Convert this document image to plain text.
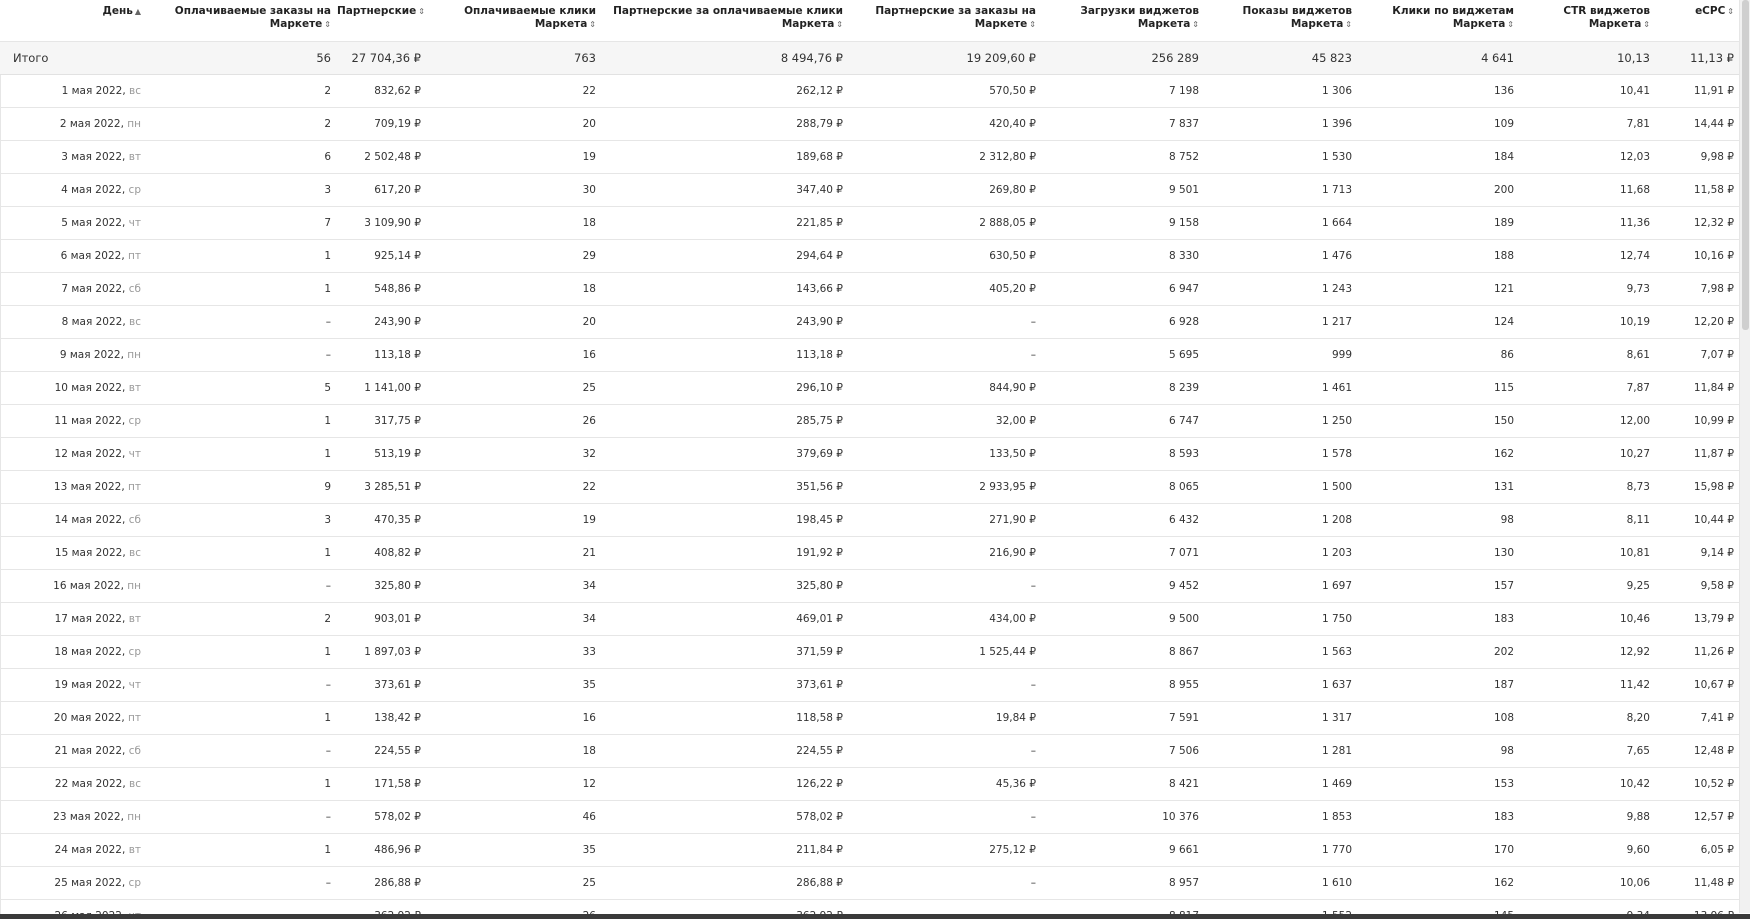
День ▲	Оплачиваемые заказы на Маркете ⇕	Партнерские ⇕	Оплачиваемые клики Маркета ⇕	Партнерские за оплачиваемые клики Маркета ⇕	Партнерские за заказы на Маркете ⇕	Загрузки виджетов Маркета ⇕	Показы виджетов Маркета ⇕	Клики по виджетам Маркета ⇕	CTR виджетов Маркета ⇕	eCPC ⇕
Итого	56	27 704,36 ₽	763	8 494,76 ₽	19 209,60 ₽	256 289	45 823	4 641	10,13	11,13 ₽
1 мая 2022, вс	2	832,62 ₽	22	262,12 ₽	570,50 ₽	7 198	1 306	136	10,41	11,91 ₽
2 мая 2022, пн	2	709,19 ₽	20	288,79 ₽	420,40 ₽	7 837	1 396	109	7,81	14,44 ₽
3 мая 2022, вт	6	2 502,48 ₽	19	189,68 ₽	2 312,80 ₽	8 752	1 530	184	12,03	9,98 ₽
4 мая 2022, ср	3	617,20 ₽	30	347,40 ₽	269,80 ₽	9 501	1 713	200	11,68	11,58 ₽
5 мая 2022, чт	7	3 109,90 ₽	18	221,85 ₽	2 888,05 ₽	9 158	1 664	189	11,36	12,32 ₽
6 мая 2022, пт	1	925,14 ₽	29	294,64 ₽	630,50 ₽	8 330	1 476	188	12,74	10,16 ₽
7 мая 2022, сб	1	548,86 ₽	18	143,66 ₽	405,20 ₽	6 947	1 243	121	9,73	7,98 ₽
8 мая 2022, вс	–	243,90 ₽	20	243,90 ₽	–	6 928	1 217	124	10,19	12,20 ₽
9 мая 2022, пн	–	113,18 ₽	16	113,18 ₽	–	5 695	999	86	8,61	7,07 ₽
10 мая 2022, вт	5	1 141,00 ₽	25	296,10 ₽	844,90 ₽	8 239	1 461	115	7,87	11,84 ₽
11 мая 2022, ср	1	317,75 ₽	26	285,75 ₽	32,00 ₽	6 747	1 250	150	12,00	10,99 ₽
12 мая 2022, чт	1	513,19 ₽	32	379,69 ₽	133,50 ₽	8 593	1 578	162	10,27	11,87 ₽
13 мая 2022, пт	9	3 285,51 ₽	22	351,56 ₽	2 933,95 ₽	8 065	1 500	131	8,73	15,98 ₽
14 мая 2022, сб	3	470,35 ₽	19	198,45 ₽	271,90 ₽	6 432	1 208	98	8,11	10,44 ₽
15 мая 2022, вс	1	408,82 ₽	21	191,92 ₽	216,90 ₽	7 071	1 203	130	10,81	9,14 ₽
16 мая 2022, пн	–	325,80 ₽	34	325,80 ₽	–	9 452	1 697	157	9,25	9,58 ₽
17 мая 2022, вт	2	903,01 ₽	34	469,01 ₽	434,00 ₽	9 500	1 750	183	10,46	13,79 ₽
18 мая 2022, ср	1	1 897,03 ₽	33	371,59 ₽	1 525,44 ₽	8 867	1 563	202	12,92	11,26 ₽
19 мая 2022, чт	–	373,61 ₽	35	373,61 ₽	–	8 955	1 637	187	11,42	10,67 ₽
20 мая 2022, пт	1	138,42 ₽	16	118,58 ₽	19,84 ₽	7 591	1 317	108	8,20	7,41 ₽
21 мая 2022, сб	–	224,55 ₽	18	224,55 ₽	–	7 506	1 281	98	7,65	12,48 ₽
22 мая 2022, вс	1	171,58 ₽	12	126,22 ₽	45,36 ₽	8 421	1 469	153	10,42	10,52 ₽
23 мая 2022, пн	–	578,02 ₽	46	578,02 ₽	–	10 376	1 853	183	9,88	12,57 ₽
24 мая 2022, вт	1	486,96 ₽	35	211,84 ₽	275,12 ₽	9 661	1 770	170	9,60	6,05 ₽
25 мая 2022, ср	–	286,88 ₽	25	286,88 ₽	–	8 957	1 610	162	10,06	11,48 ₽
